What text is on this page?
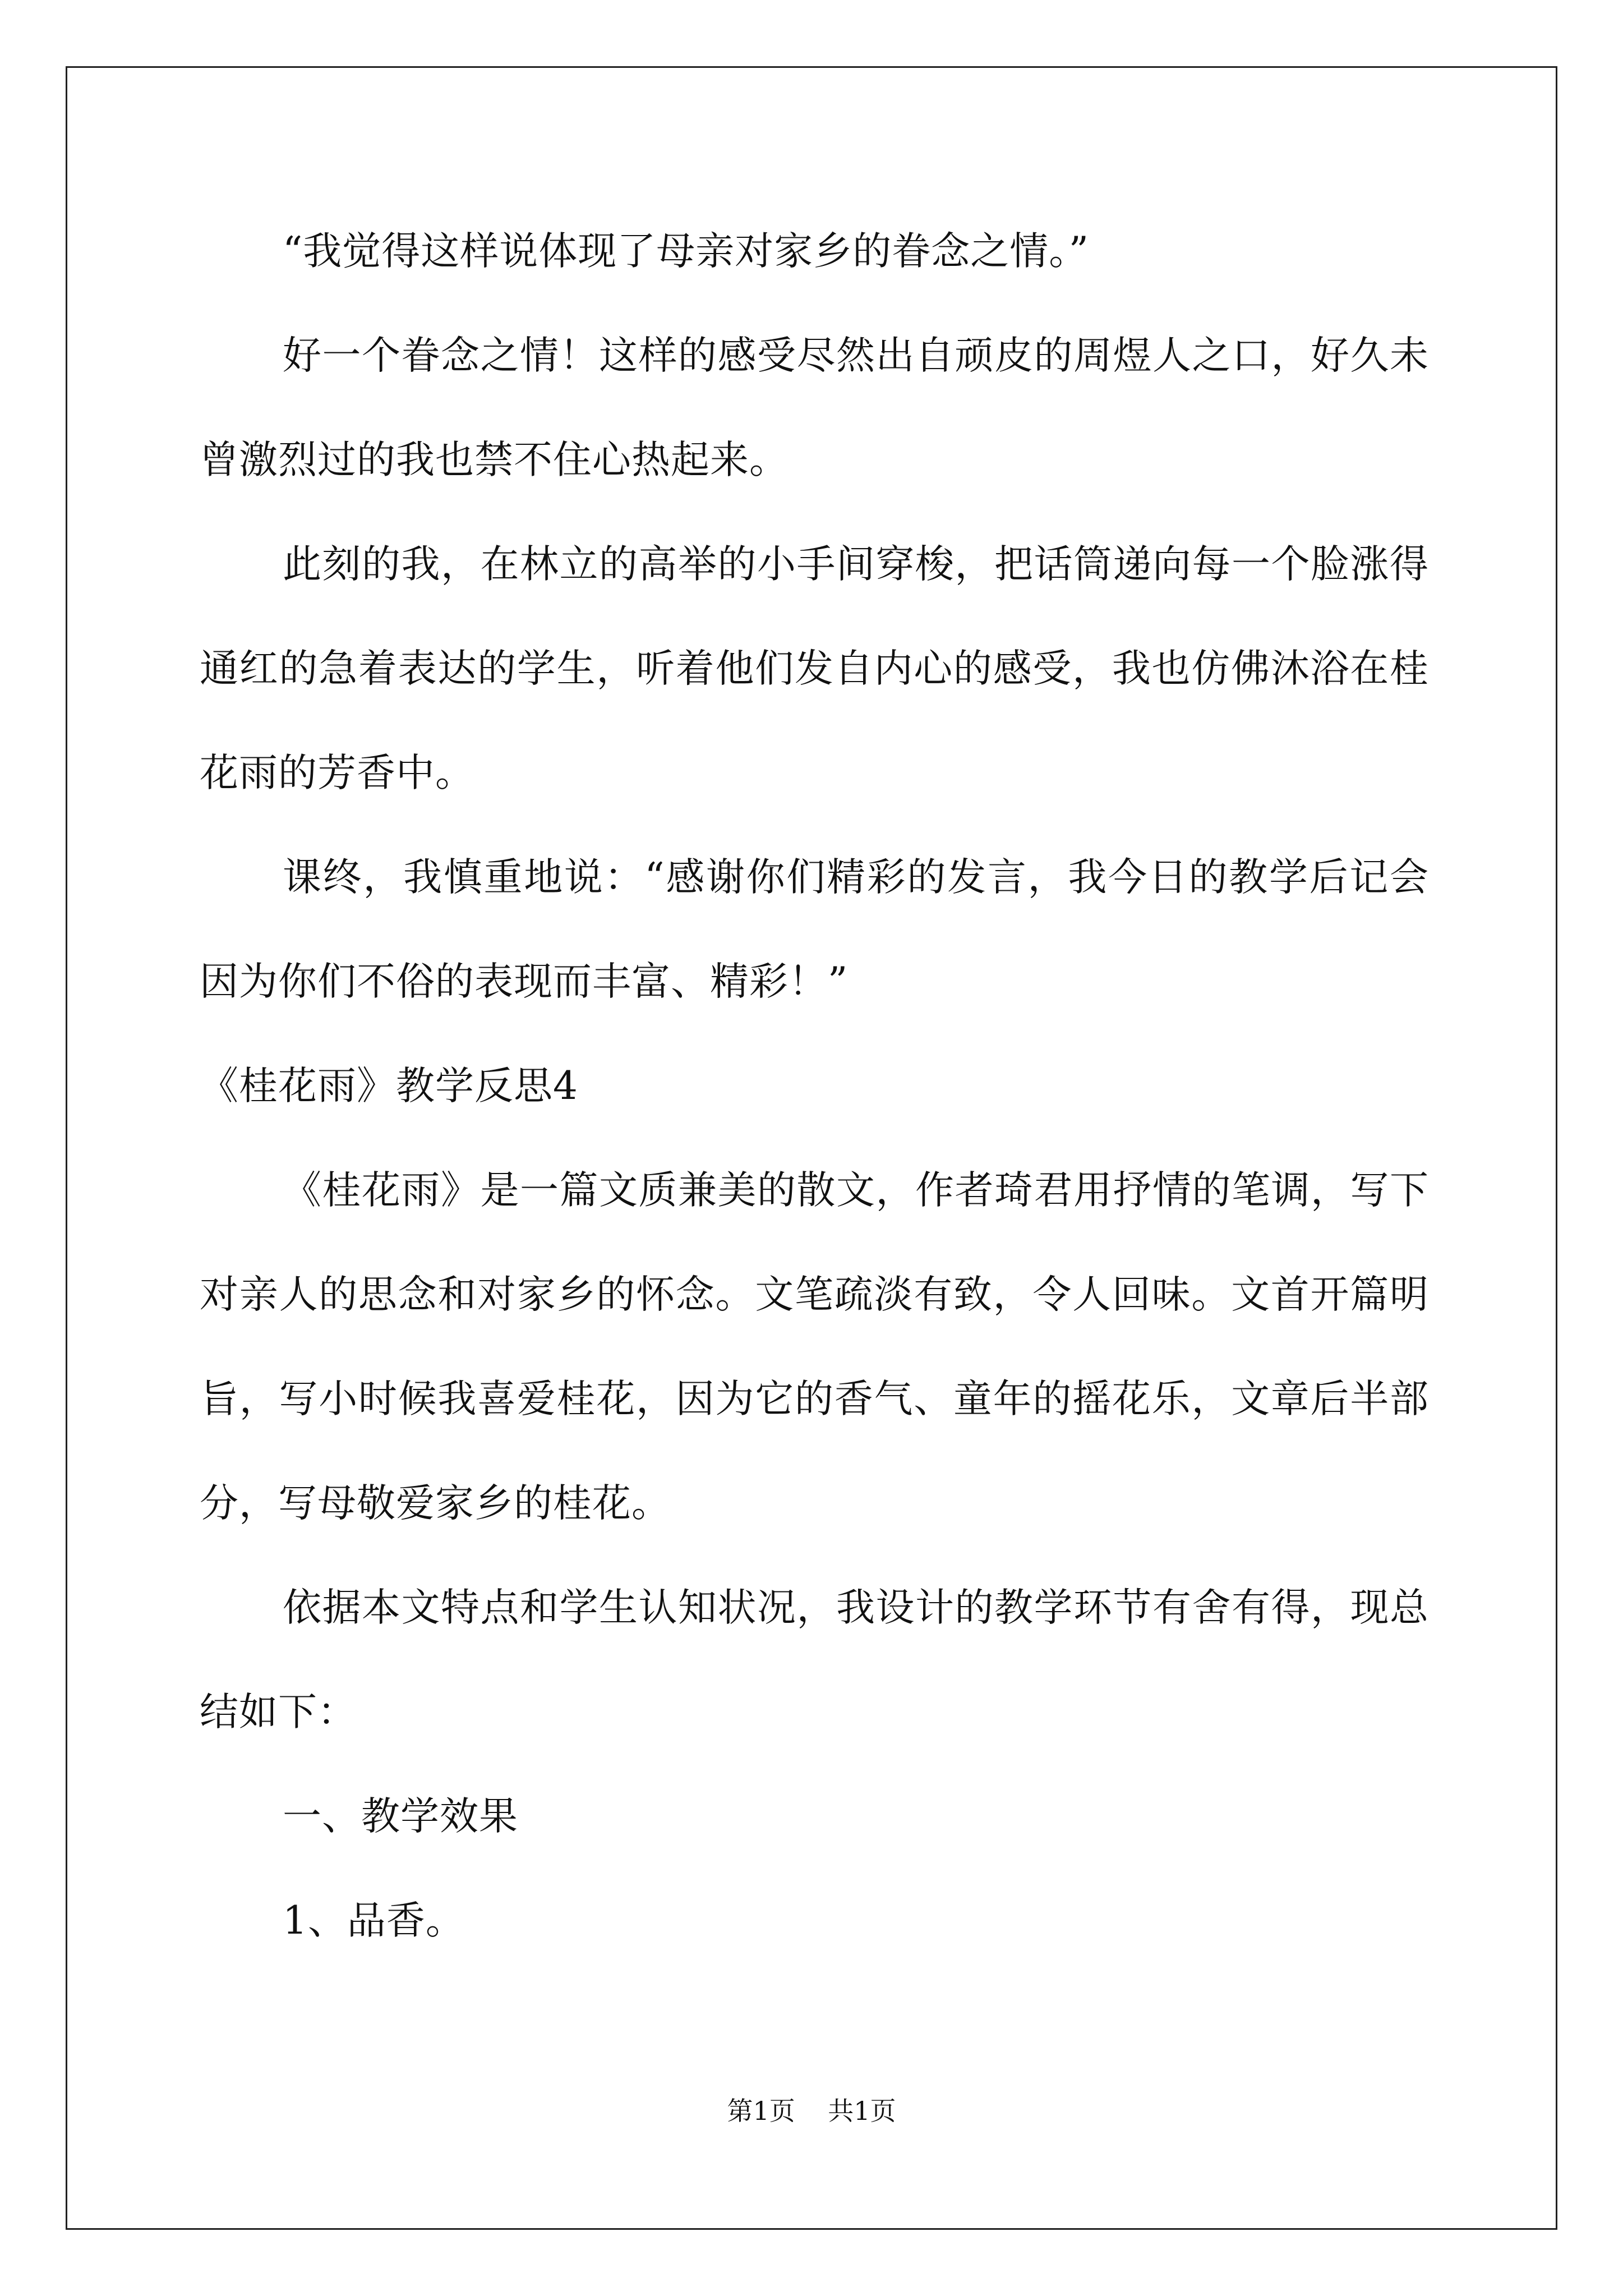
“我觉得这样说体现了母亲对家乡的眷念之情。”

好一个眷念之情！这样的感受尽然出自顽皮的周煜人之口，好久未曾激烈过的我也禁不住心热起来。

此刻的我，在林立的高举的小手间穿梭，把话筒递向每一个脸涨得通红的急着表达的学生，听着他们发自内心的感受，我也仿佛沐浴在桂花雨的芳香中。

课终，我慎重地说：“感谢你们精彩的发言，我今日的教学后记会因为你们不俗的表现而丰富、精彩！”

《桂花雨》教学反思4

《桂花雨》是一篇文质兼美的散文，作者琦君用抒情的笔调，写下对亲人的思念和对家乡的怀念。文笔疏淡有致，令人回味。文首开篇明旨，写小时候我喜爱桂花，因为它的香气、童年的摇花乐，文章后半部分，写母敬爱家乡的桂花。

依据本文特点和学生认知状况，我设计的教学环节有舍有得，现总结如下：

一、教学效果

1、品香。

第1页 共1页
